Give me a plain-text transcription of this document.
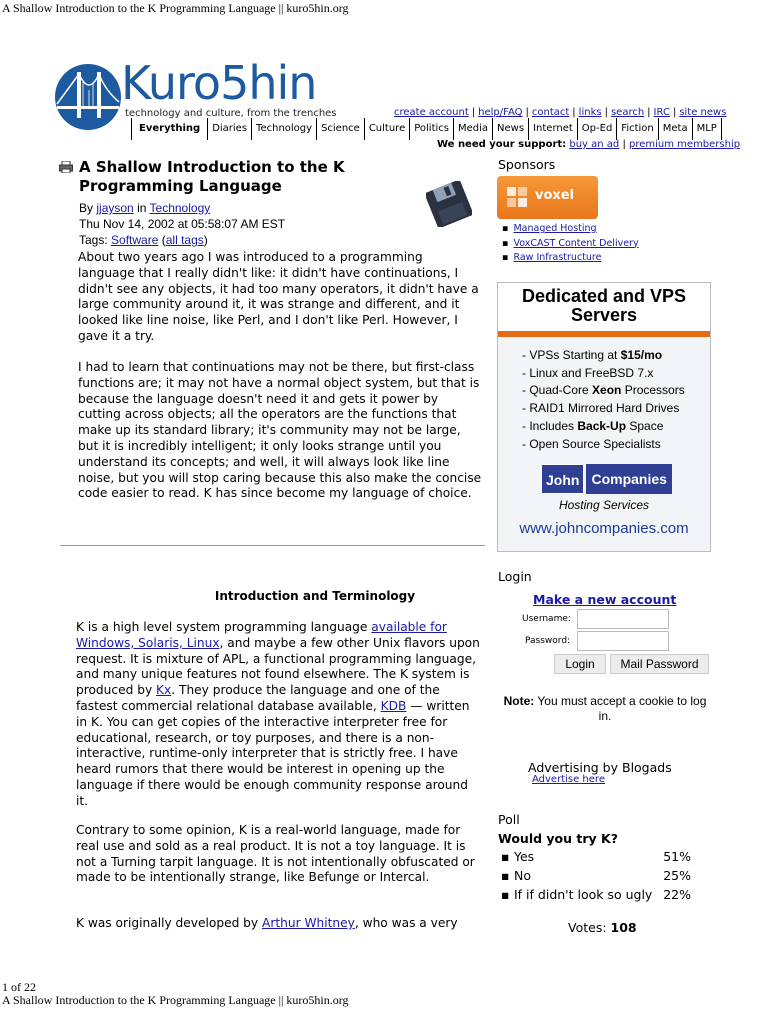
A Shallow Introduction to the K Programming Language || kuro5hin.org
Kuro5hin
technology and culture, from the trenches	create account | help/FAQ | contact | links | search | IRC | site news
Everything	Diaries Technology Science Culture Politics Media News Internet Op-Ed Fiction Meta MLP
We need your support: buy an ad | premium membership
A Shallow Introduction to the K Programming Language
By jjayson in Technology
Thu Nov 14, 2002 at 05:58:07 AM EST
Tags: Software (all tags)
About two years ago I was introduced to a programming language that I really didn't like: it didn't have continuations, I didn't see any objects, it had too many operators, it didn't have a large community around it, it was strange and different, and it looked like line noise, like Perl, and I don't like Perl. However, I gave it a try.
I had to learn that continuations may not be there, but first-class functions are; it may not have a normal object system, but that is because the language doesn't need it and gets it power by cutting across objects; all the operators are the functions that make up its standard library; it's community may not be large, but it is incredibly intelligent; it only looks strange until you understand its concepts; and well, it will always look like line noise, but you will stop caring because this also make the concise code easier to read. K has since become my language of choice.
Introduction and Terminology
K is a high level system programming language available for Windows, Solaris, Linux, and maybe a few other Unix flavors upon request. It is mixture of APL, a functional programming language, and many unique features not found elsewhere. The K system is produced by Kx. They produce the language and one of the fastest commercial relational database available, KDB — written in K. You can get copies of the interactive interpreter free for educational, research, or toy purposes, and there is a non-interactive, runtime-only interpreter that is strictly free. I have heard rumors that there would be interest in opening up the language if there would be enough community response around it.
Contrary to some opinion, K is a real-world language, made for real use and sold as a real product. It is not a toy language. It is not a Turning tarpit language. It is not intentionally obfuscated or made to be intentionally strange, like Befunge or Intercal.
K was originally developed by Arthur Whitney, who was a very
Sponsors
voxel
▪ Managed Hosting
▪ VoxCAST Content Delivery
▪ Raw Infrastructure
Dedicated and VPS Servers
- VPSs Starting at $15/mo
- Linux and FreeBSD 7.x
- Quad-Core Xeon Processors
- RAID1 Mirrored Hard Drives
- Includes Back-Up Space
- Open Source Specialists
John Companies
Hosting Services
www.johncompanies.com
Login
Make a new account
Username:
Password:
Login	Mail Password
Note: You must accept a cookie to log in.
Advertising by Blogads
Advertise here
Poll
Would you try K?
▪ Yes	51%
▪ No	25%
▪ If if didn't look so ugly 22%
Votes: 108
1 of 22
A Shallow Introduction to the K Programming Language || kuro5hin.org
